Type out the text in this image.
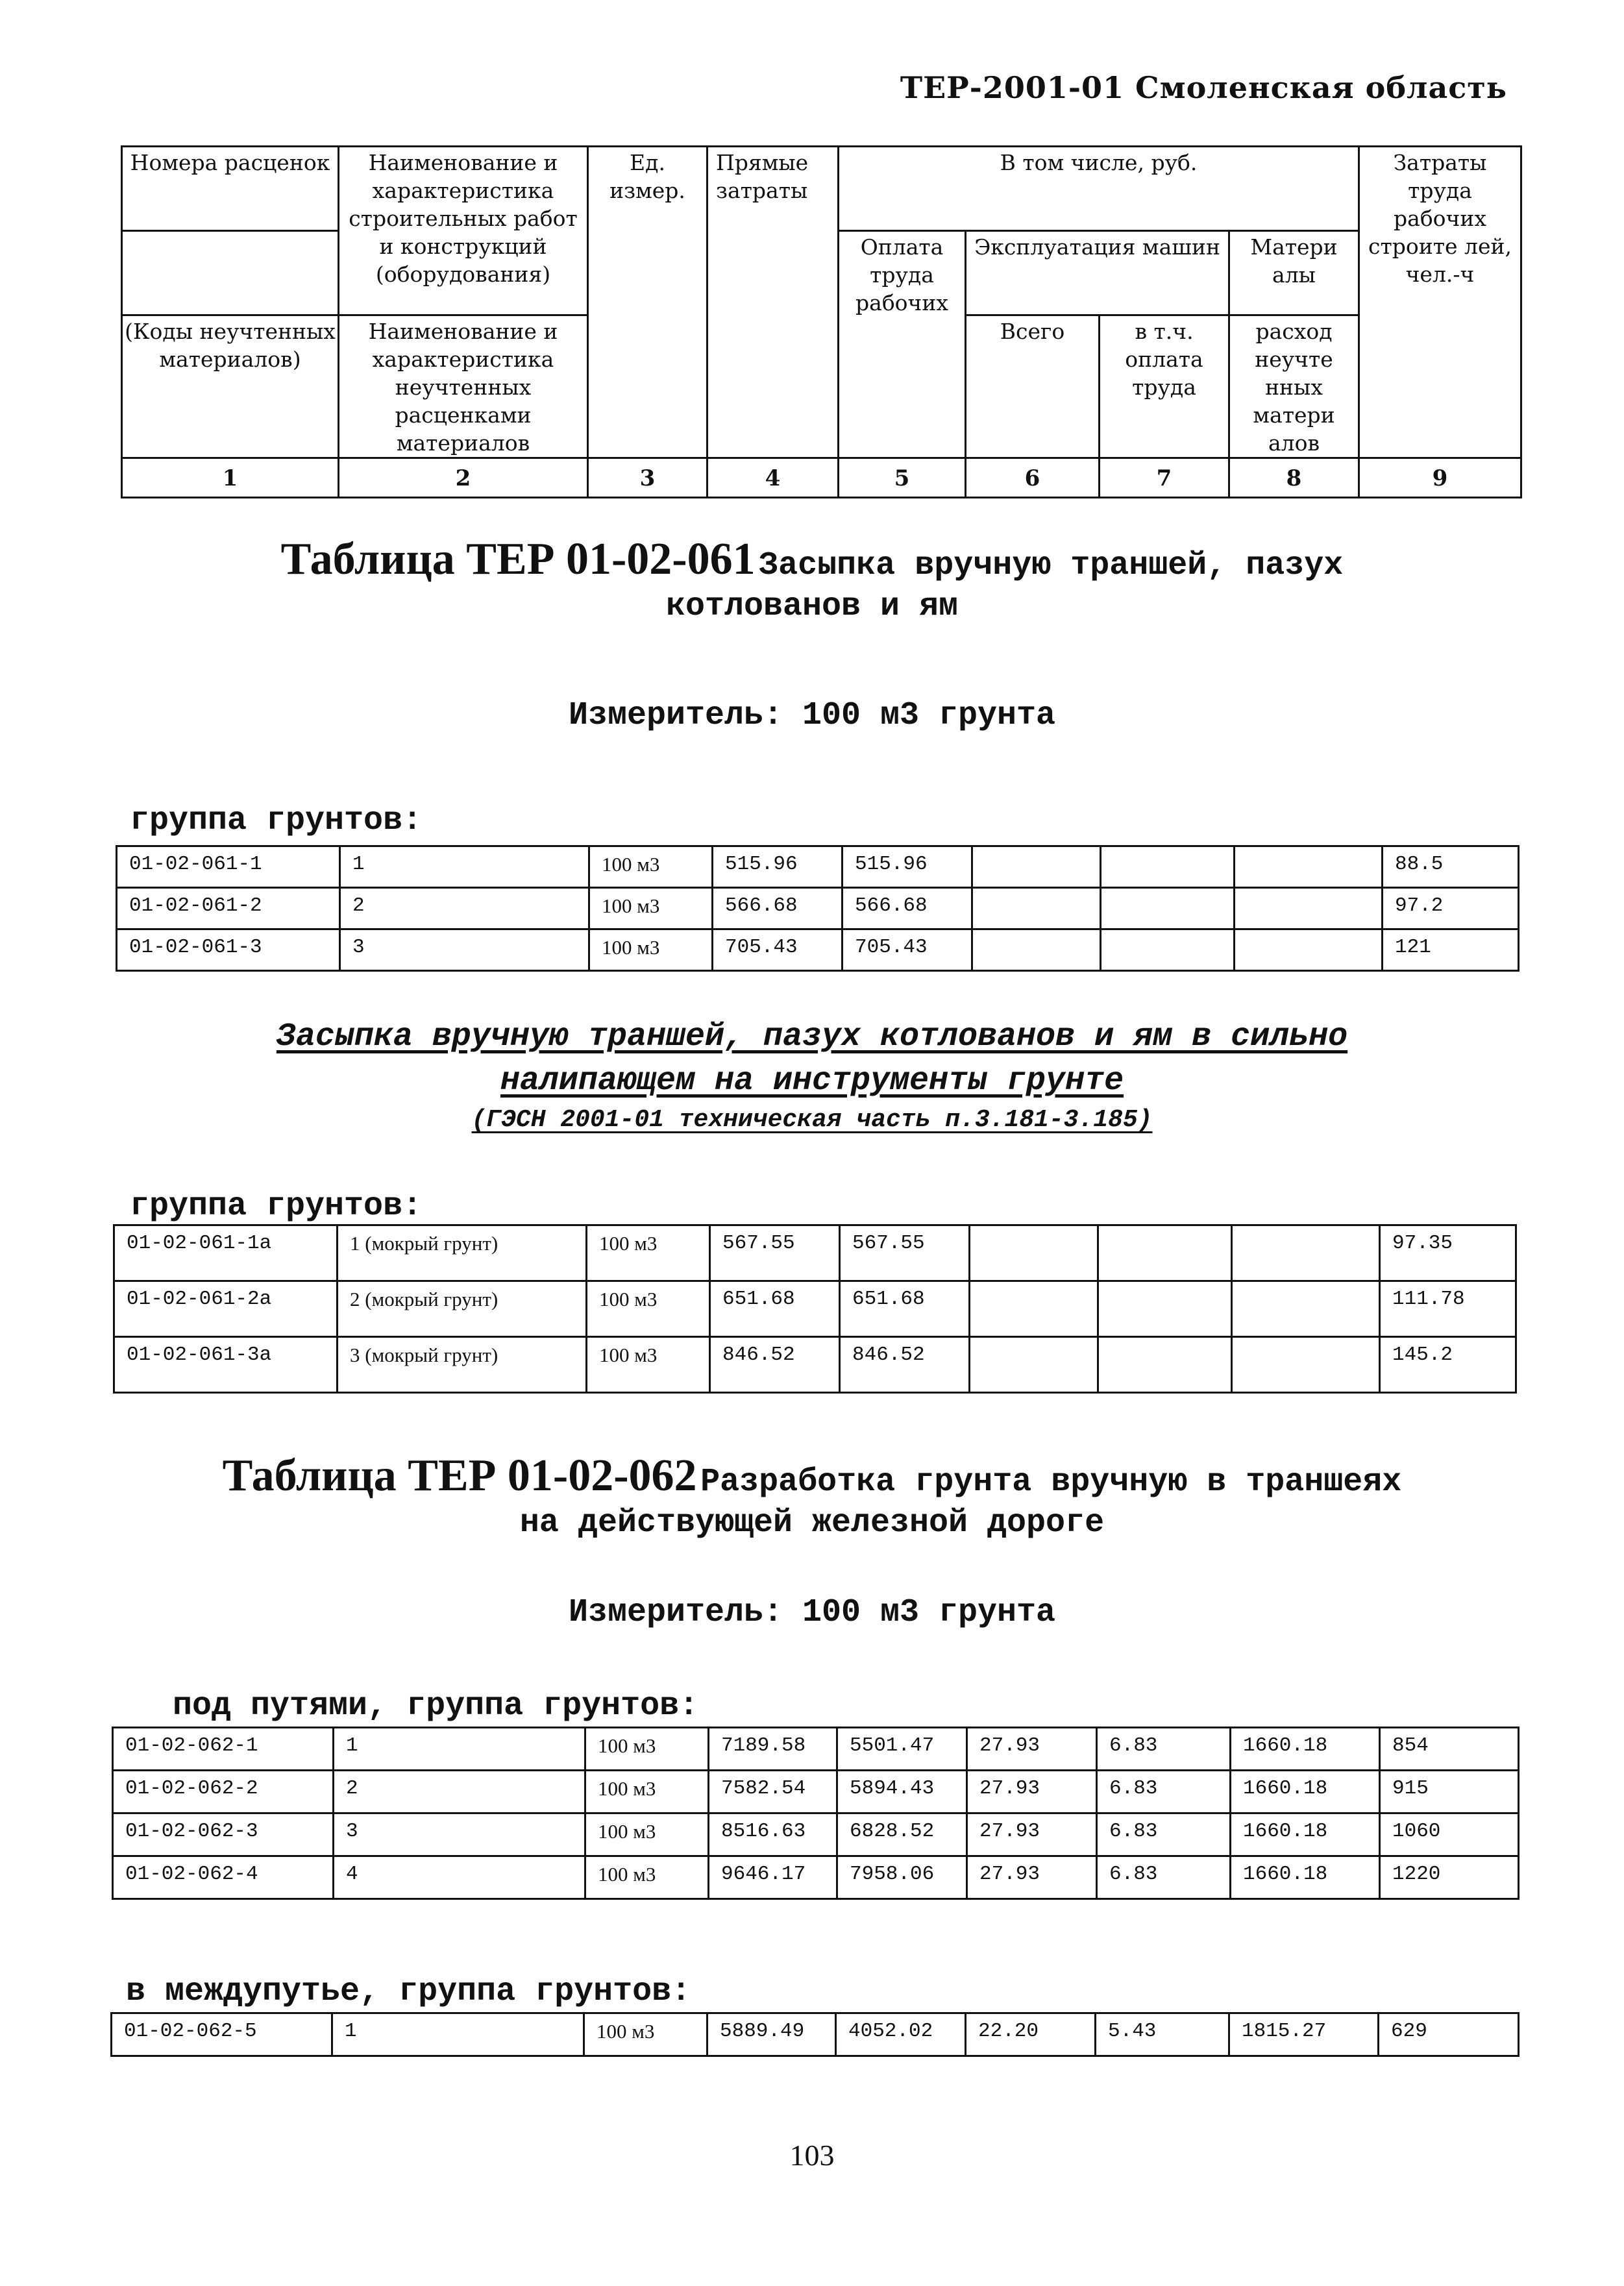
ТЕР-2001-01 Смоленская область
Номера расценок	Наименование и характеристика строительных работ и конструкций (оборудования)	Ед. измер.	Прямые затраты	В том числе, руб.				Затраты труда рабочих строите лей, чел.-ч
				Оплата труда рабочих	Эксплуатация машин		Матери алы	
(Коды неучтенных материалов)	Наименование и характеристика неучтенных расценками материалов				Всего	в т.ч. оплата труда	расход неучте нных матери алов	
1	2	3	4	5	6	7	8	9
Таблица ТЕР 01-02-061 Засыпка вручную траншей, пазух
котлованов и ям
Измеритель: 100 м3 грунта
группа грунтов:
01-02-061-1	1	100 м3	515.96	515.96				88.5
01-02-061-2	2	100 м3	566.68	566.68				97.2
01-02-061-3	3	100 м3	705.43	705.43				121
Засыпка вручную траншей, пазух котлованов и ям в сильно
налипающем на инструменты грунте
(ГЭСН 2001-01 техническая часть п.3.181-3.185)
группа грунтов:
01-02-061-1а	1 (мокрый грунт)	100 м3	567.55	567.55				97.35
01-02-061-2а	2 (мокрый грунт)	100 м3	651.68	651.68				111.78
01-02-061-3а	3 (мокрый грунт)	100 м3	846.52	846.52				145.2
Таблица ТЕР 01-02-062 Разработка грунта вручную в траншеях
на действующей железной дороге
Измеритель: 100 м3 грунта
под путями, группа грунтов:
01-02-062-1	1	100 м3	7189.58	5501.47	27.93	6.83	1660.18	854
01-02-062-2	2	100 м3	7582.54	5894.43	27.93	6.83	1660.18	915
01-02-062-3	3	100 м3	8516.63	6828.52	27.93	6.83	1660.18	1060
01-02-062-4	4	100 м3	9646.17	7958.06	27.93	6.83	1660.18	1220
в междупутье, группа грунтов:
01-02-062-5	1	100 м3	5889.49	4052.02	22.20	5.43	1815.27	629
103
